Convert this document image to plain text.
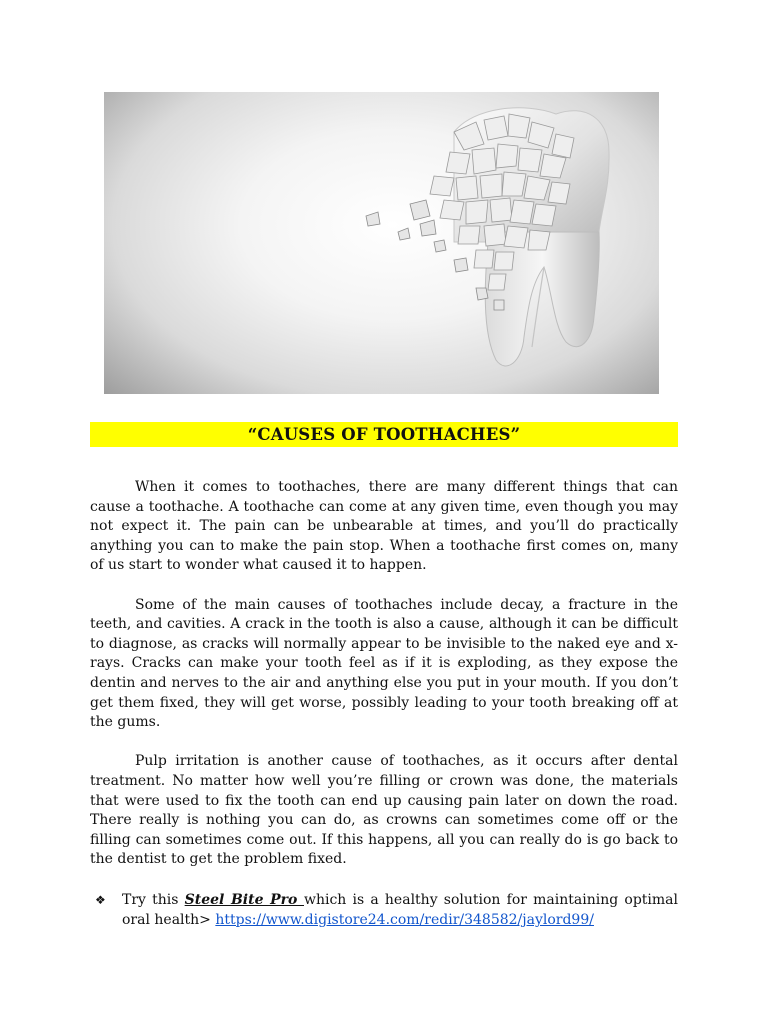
“CAUSES OF TOOTHACHES”

When it comes to toothaches, there are many different things that can cause a toothache. A toothache can come at any given time, even though you may not expect it. The pain can be unbearable at times, and you’ll do practically anything you can to make the pain stop. When a toothache first comes on, many of us start to wonder what caused it to happen.

Some of the main causes of toothaches include decay, a fracture in the teeth, and cavities. A crack in the tooth is also a cause, although it can be difficult to diagnose, as cracks will normally appear to be invisible to the naked eye and x-rays. Cracks can make your tooth feel as if it is exploding, as they expose the dentin and nerves to the air and anything else you put in your mouth. If you don’t get them fixed, they will get worse, possibly leading to your tooth breaking off at the gums.

Pulp irritation is another cause of toothaches, as it occurs after dental treatment. No matter how well you’re filling or crown was done, the materials that were used to fix the tooth can end up causing pain later on down the road. There really is nothing you can do, as crowns can sometimes come off or the filling can sometimes come out. If this happens, all you can really do is go back to the dentist to get the problem fixed.

❖	Try this Steel Bite Pro which is a healthy solution for maintaining optimal oral health> https://www.digistore24.com/redir/348582/jaylord99/
